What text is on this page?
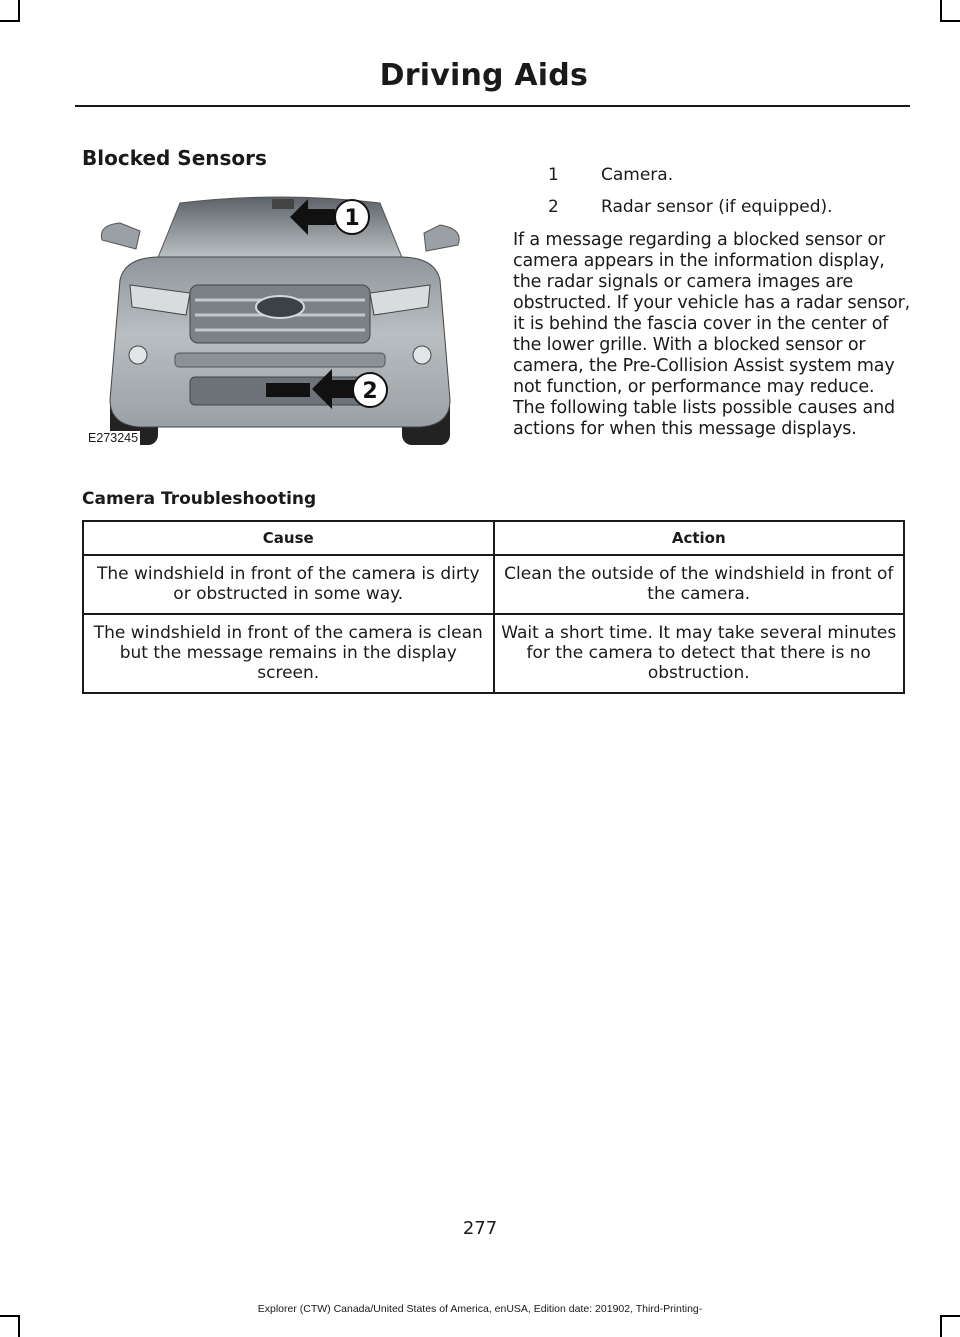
Driving Aids
Blocked Sensors
1
2
E273245
1	Camera.
2	Radar sensor (if equipped).

If a message regarding a blocked sensor or camera appears in the information display, the radar signals or camera images are obstructed. If your vehicle has a radar sensor, it is behind the fascia cover in the center of the lower grille. With a blocked sensor or camera, the Pre-Collision Assist system may not function, or performance may reduce. The following table lists possible causes and actions for when this message displays.

Camera Troubleshooting
Cause	Action
The windshield in front of the camera is dirty or obstructed in some way.	Clean the outside of the windshield in front of the camera.
The windshield in front of the camera is clean but the message remains in the display screen.	Wait a short time. It may take several minutes for the camera to detect that there is no obstruction.
277
Explorer (CTW) Canada/United States of America, enUSA, Edition date: 201902, Third-Printing-
